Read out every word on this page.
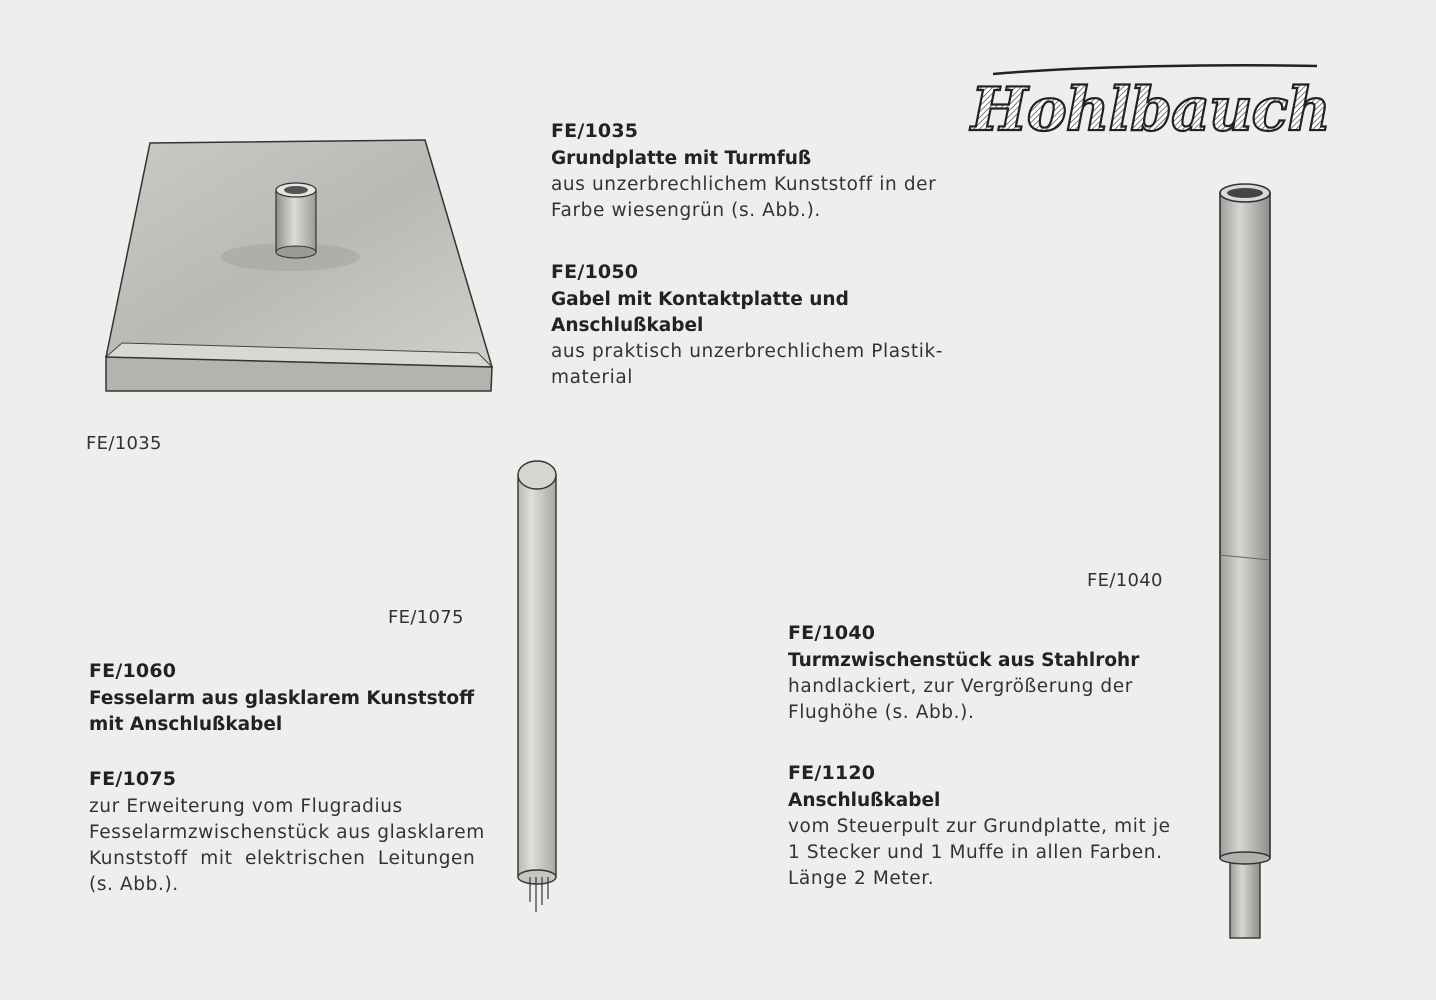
Hohlbauch
FE/1035
FE/1075
FE/1040
FE/1035
Grundplatte mit Turmfuß
aus unzerbrechlichem Kunststoff in der
Farbe wiesengrün (s. Abb.).
FE/1050
Gabel mit Kontaktplatte und
Anschlußkabel
aus praktisch unzerbrechlichem Plastik-
material
FE/1060
Fesselarm aus glasklarem Kunststoff
mit Anschlußkabel
FE/1075
zur Erweiterung vom Flugradius
Fesselarmzwischenstück aus glasklarem
Kunststoff mit elektrischen Leitungen
(s. Abb.).
FE/1040
Turmzwischenstück aus Stahlrohr
handlackiert, zur Vergrößerung der
Flughöhe (s. Abb.).
FE/1120
Anschlußkabel
vom Steuerpult zur Grundplatte, mit je
1 Stecker und 1 Muffe in allen Farben.
Länge 2 Meter.
